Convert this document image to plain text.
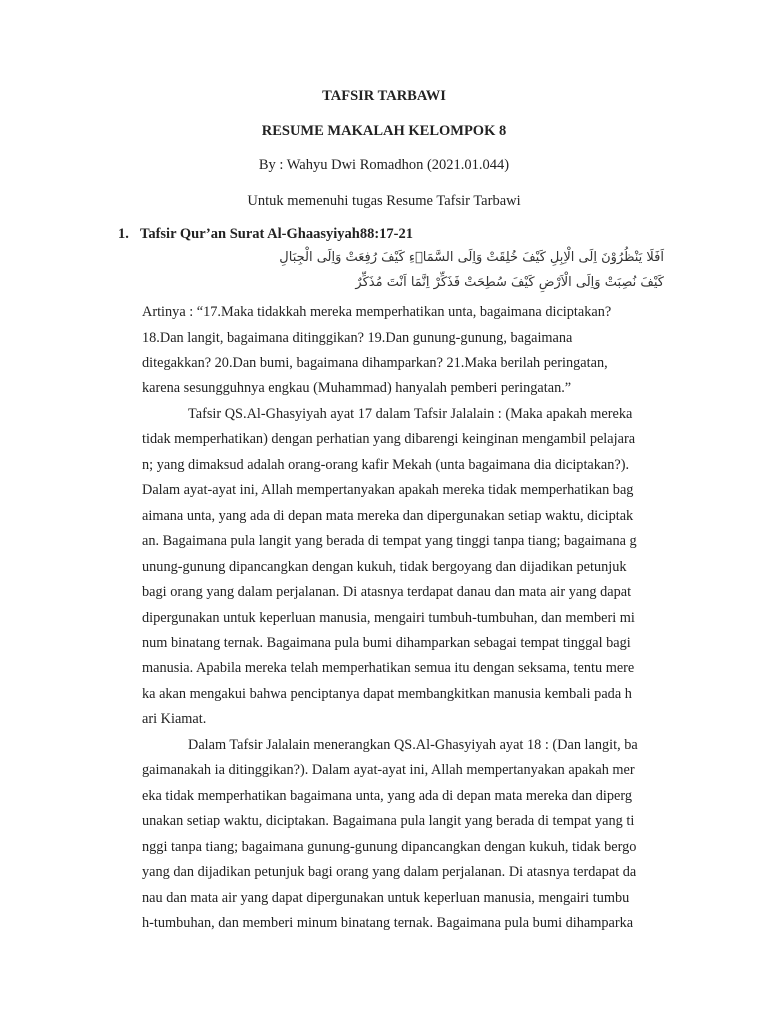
TAFSIR TARBAWI
RESUME MAKALAH KELOMPOK 8
By : Wahyu Dwi Romadhon (2021.01.044)
Untuk memenuhi tugas Resume Tafsir Tarbawi
1. Tafsir Qur’an Surat Al-Ghaasyiyah88:17-21
اَفَلَا يَنْظُرُوْنَ اِلَى الْاِبِلِ كَيْفَ خُلِقَتْ وَاِلَى السَّمَاۤءِ كَيْفَ رُفِعَتْ وَاِلَى الْجِبَالِ
كَيْفَ نُصِبَتْ وَاِلَى الْاَرْضِ كَيْفَ سُطِحَتْ فَذَكِّرْ اِنَّمَا اَنْتَ مُذَكِّرٌ
Artinya : “17.Maka tidakkah mereka memperhatikan unta, bagaimana diciptakan?
18.Dan langit, bagaimana ditinggikan? 19.Dan gunung-gunung, bagaimana
ditegakkan? 20.Dan bumi, bagaimana dihamparkan? 21.Maka berilah peringatan,
karena sesungguhnya engkau (Muhammad) hanyalah pemberi peringatan.”
Tafsir QS.Al-Ghasyiyah ayat 17 dalam Tafsir Jalalain : (Maka apakah mereka
tidak memperhatikan) dengan perhatian yang dibarengi keinginan mengambil pelajara
n; yang dimaksud adalah orang-orang kafir Mekah (unta bagaimana dia diciptakan?).
Dalam ayat-ayat ini, Allah mempertanyakan apakah mereka tidak memperhatikan bag
aimana unta, yang ada di depan mata mereka dan dipergunakan setiap waktu, diciptak
an. Bagaimana pula langit yang berada di tempat yang tinggi tanpa tiang; bagaimana g
unung-gunung dipancangkan dengan kukuh, tidak bergoyang dan dijadikan petunjuk
bagi orang yang dalam perjalanan. Di atasnya terdapat danau dan mata air yang dapat
dipergunakan untuk keperluan manusia, mengairi tumbuh-tumbuhan, dan memberi mi
num binatang ternak. Bagaimana pula bumi dihamparkan sebagai tempat tinggal bagi
manusia. Apabila mereka telah memperhatikan semua itu dengan seksama, tentu mere
ka akan mengakui bahwa penciptanya dapat membangkitkan manusia kembali pada h
ari Kiamat.
Dalam Tafsir Jalalain menerangkan QS.Al-Ghasyiyah ayat 18 : (Dan langit, ba
gaimanakah ia ditinggikan?). Dalam ayat-ayat ini, Allah mempertanyakan apakah mer
eka tidak memperhatikan bagaimana unta, yang ada di depan mata mereka dan diperg
unakan setiap waktu, diciptakan. Bagaimana pula langit yang berada di tempat yang ti
nggi tanpa tiang; bagaimana gunung-gunung dipancangkan dengan kukuh, tidak bergo
yang dan dijadikan petunjuk bagi orang yang dalam perjalanan. Di atasnya terdapat da
nau dan mata air yang dapat dipergunakan untuk keperluan manusia, mengairi tumbu
h-tumbuhan, dan memberi minum binatang ternak. Bagaimana pula bumi dihamparka
